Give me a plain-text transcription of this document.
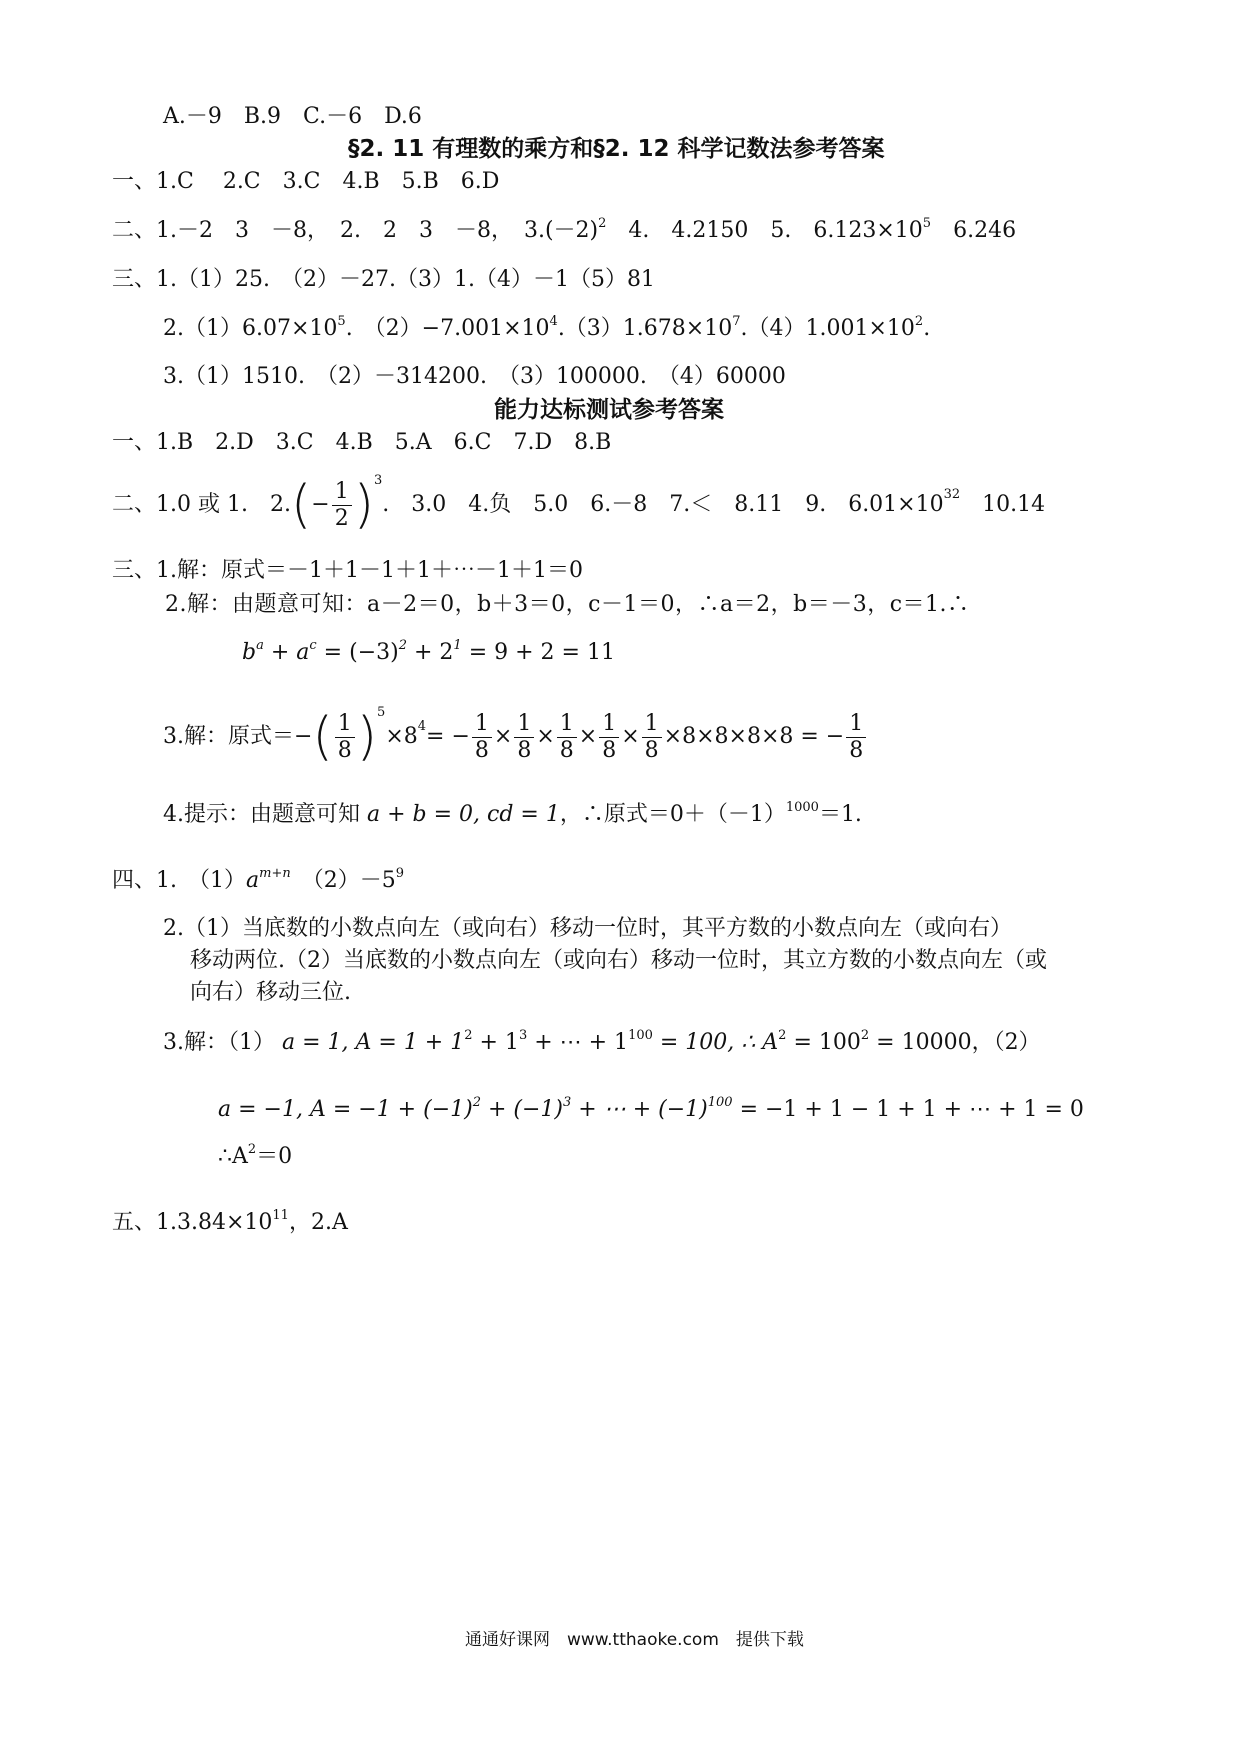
A.－9　B.9　C.－6　D.6
§2. 11 有理数的乘方和§2. 12 科学记数法参考答案
一、1.C　 2.C　3.C　4.B　5.B　6.D
二、1.－2　3　－8，　2.　2　3　－8，　$3.(-2)^2$　4.　4.2150　5.　$6.123\times 10^5$　6.246
三、1.（1）25.　（2）－27.（3）1.（4）－1（5）81
$2.(1)6.07\times 10^5$.　$(2)-7.001\times 10^4.(3)1.678\times 10^7.(4)1.001\times 10^2$.
3.（1）1510.　（2）－314200.　（3）100000.　（4）60000
能力达标测试参考答案
一、1.B　2.D　3.C　4.B　5.A　6.C　7.D　8.B
二、1.0 或 1.　2. ( − $\frac{1}{2} )^3$
.　3.0　4.负　5.0　6.－8　7.＜　8.11　9.　$6.01\times 10^{32}$ 　10.14
三、1.解：原式＝－1＋1－1＋1＋⋯－1＋1＝0
2.解：由题意可知：a－2＝0，b＋3＝0，c－1＝0，∴a＝2，b＝－3，c＝1.∴
$b^a + a^c = (-3)^2 + 2^1 = 9 + 2 = 11$
3.解：原式＝− ( $\frac{1}{8} )^5$
$\times 8^4$ = − $\frac{1}{8} \times \frac{1}{8} \times \frac{1}{8} \times \frac{1}{8} \times \frac{1}{8} \times 8\times 8\times 8\times 8$ = − $\frac{1}{8}$
4.提示：由题意可知 a + b = 0, cd = 1，∴原式$=0+(-1)^{1000}=1$.
四、1.　$(1)a^{m+n}$　$(2)-5^9$
2.（1）当底数的小数点向左（或向右）移动一位时，其平方数的小数点向左（或向右）
移动两位.（2）当底数的小数点向左（或向右）移动一位时，其立方数的小数点向左（或
向右）移动三位.
3.解：（1） a = 1, $A = 1 + 1^2 + 1^3$ + ⋯ + $1^{100} = 100$, ∴ $A^2 = 100^2 = 10000$，（2）
a = −1, $A = -1 + (-1)^2 + (-1)^3$ + ⋯ + $(-1)^{100} = -1 + 1 - 1 + 1$ + ⋯ + 1 = 0
$\therefore A^2=0$
五、$1.3.84\times 10^{11}$，2.A
通通好课网　www.tthaoke.com　提供下载
